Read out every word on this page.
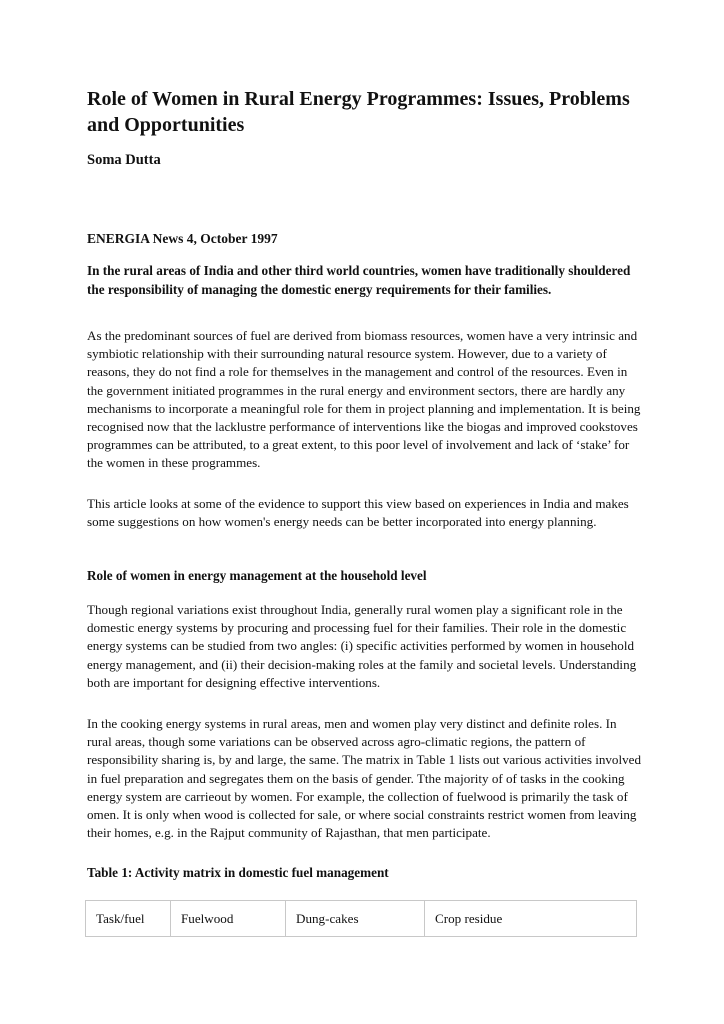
Role of Women in Rural Energy Programmes: Issues, Problems and Opportunities

Soma Dutta

ENERGIA News 4, October 1997

In the rural areas of India and other third world countries, women have traditionally shouldered the responsibility of managing the domestic energy requirements for their families.

As the predominant sources of fuel are derived from biomass resources, women have a very intrinsic and symbiotic relationship with their surrounding natural resource system. However, due to a variety of reasons, they do not find a role for themselves in the management and control of the resources. Even in the government initiated programmes in the rural energy and environment sectors, there are hardly any mechanisms to incorporate a meaningful role for them in project planning and implementation. It is being recognised now that the lacklustre performance of interventions like the biogas and improved cookstoves programmes can be attributed, to a great extent, to this poor level of involvement and lack of ‘stake’ for the women in these programmes.

This article looks at some of the evidence to support this view based on experiences in India and makes some suggestions on how women's energy needs can be better incorporated into energy planning.

Role of women in energy management at the household level

Though regional variations exist throughout India, generally rural women play a significant role in the domestic energy systems by procuring and processing fuel for their families. Their role in the domestic energy systems can be studied from two angles: (i) specific activities performed by women in household energy management, and (ii) their decision-making roles at the family and societal levels. Understanding both are important for designing effective interventions.

In the cooking energy systems in rural areas, men and women play very distinct and definite roles. In rural areas, though some variations can be observed across agro-climatic regions, the pattern of responsibility sharing is, by and large, the same. The matrix in Table 1 lists out various activities involved in fuel preparation and segregates them on the basis of gender. Tthe majority of of tasks in the cooking energy system are carrieout by women. For example, the collection of fuelwood is primarily the task of omen. It is only when wood is collected for sale, or where social constraints restrict women from leaving their homes, e.g. in the Rajput community of Rajasthan, that men participate.

Table 1: Activity matrix in domestic fuel management

Task/fuel	Fuelwood	Dung-cakes	Crop residue
